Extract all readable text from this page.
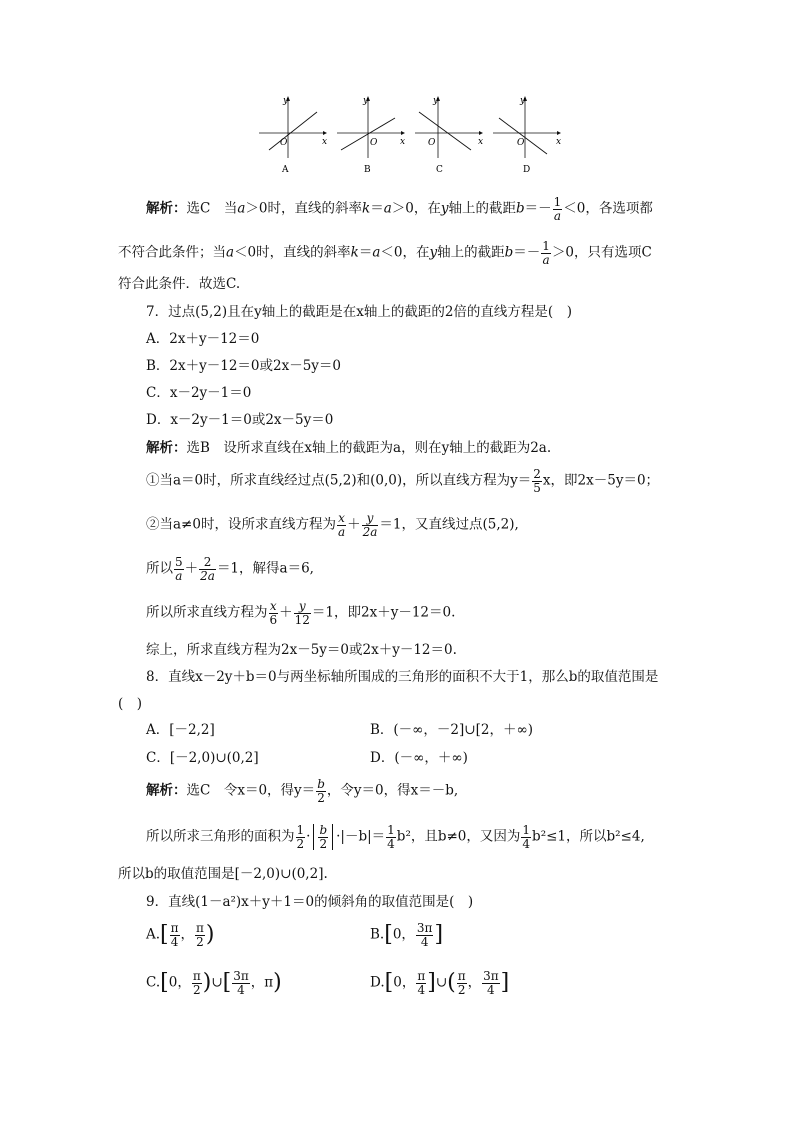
y
x
O
A
y
x
O
B
y
x
O
C
y
x
O
D
解析：选C　 当a＞0时，直线的斜率k＝a＞0，在y轴上的截距$b=- \frac{1}{a} <0$，各选项都
不符合此条件；当a＜0时，直线的斜率k＝a＜0，在y轴上的截距$b=- \frac{1}{a} >0$，只有选项C
符合此条件．故选C.
7．过点(5,2)且在y轴上的截距是在x轴上的截距的2倍的直线方程是(　)
A．2x＋y－12＝0
B．2x＋y－12＝0或2x－5y＝0
C．x－2y－1＝0
D．x－2y－1＝0或2x－5y＝0
解析：选B　设所求直线在x轴上的截距为a，则在y轴上的截距为2a.
①当a＝0时，所求直线经过点(5,2)和(0,0)，所以直线方程为$y= \frac{2}{5}$ x，即2x－5y＝0；
②当a≠0时，设所求直线方程为 $\frac{x}{a} + \frac{y}{2a} =1$，又直线过点(5,2),
所以 $\frac{5}{a} + \frac{2}{2a} =1$，解得a＝6,
所以所求直线方程为 $\frac{x}{6} + \frac{y}{12} =1$，即2x＋y－12＝0.
综上，所求直线方程为2x－5y＝0或2x＋y－12＝0.
8．直线x－2y＋b＝0与两坐标轴所围成的三角形的面积不大于1，那么b的取值范围是
(　)
A．[－2,2]	B．(－∞，－2]∪[2，＋∞)
C．[－2,0)∪(0,2]	D．(－∞，＋∞)
解析：选C　令x＝0，得$y= \frac{b}{2}$ ，令y＝0，得x＝－b,
所以所求三角形的面积为 $\frac{1}{2} \cdot \frac{b}{2} \cdot|-b|= \frac{1}{4} b^2$，且b≠0，又因为 $\frac{1}{4} b^2\le 1$，所以b²≤4,
所以b的取值范围是[－2,0)∪(0,2].
9．直线(1－a²)x＋y＋1＝0的倾斜角的取值范围是(　)
$A.[ \frac{\pi}{4}$ ， $\frac{\pi}{2}$ )	B.[0， $\frac{3\pi}{4}$ ]
C.[0， $\frac{\pi}{2}$ )∪[ $\frac{3\pi}{4}$ ，π)	D.[0， $\frac{\pi}{4}$ ]∪( $\frac{\pi}{2}$ ， $\frac{3\pi}{4}$ ]
